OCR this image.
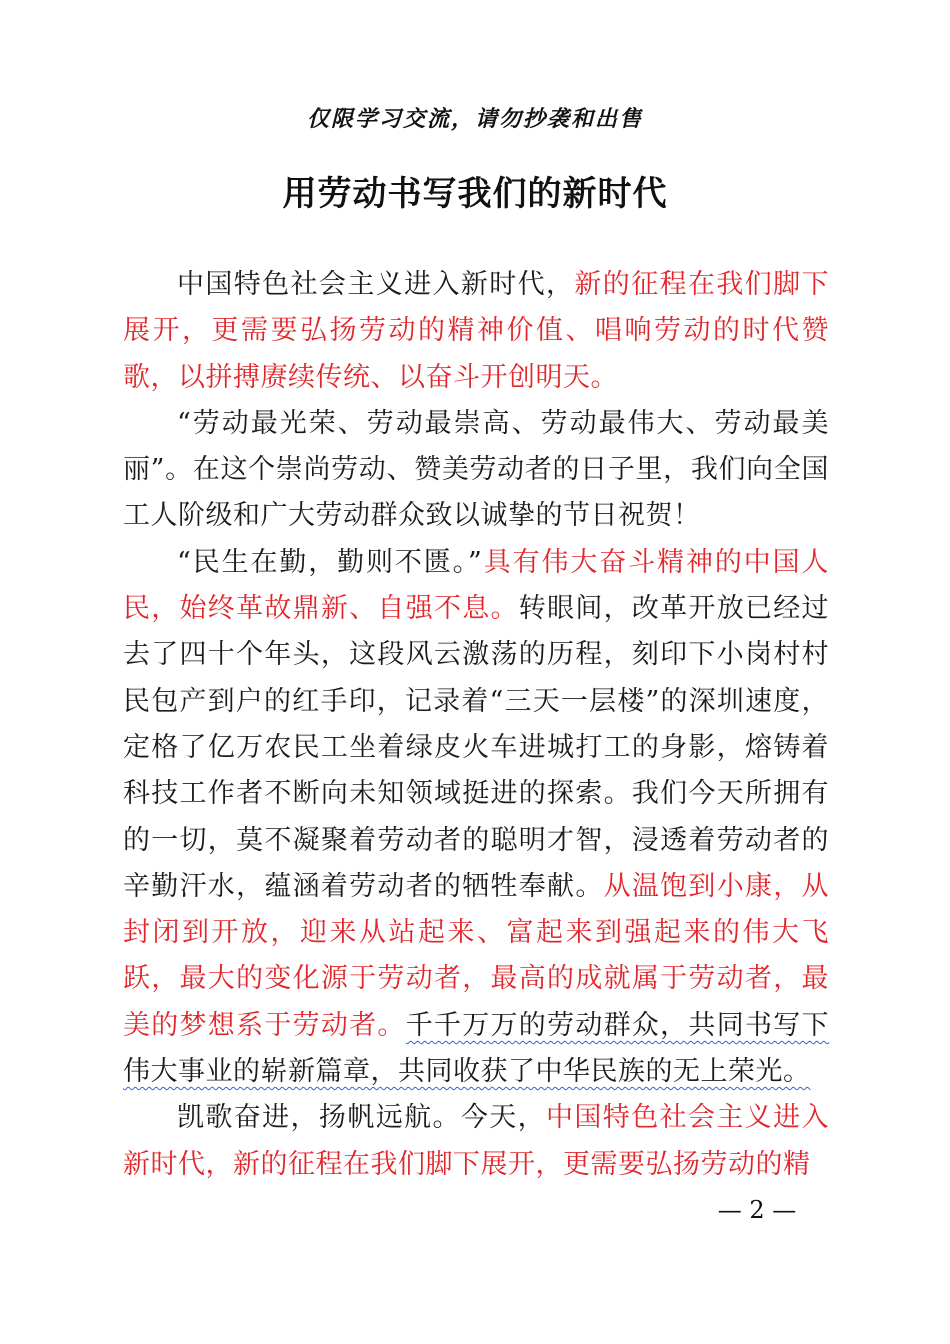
仅限学习交流，请勿抄袭和出售
用劳动书写我们的新时代

中国特色社会主义进入新时代，新的征程在我们脚下展开，更需要弘扬劳动的精神价值、唱响劳动的时代赞歌，以拼搏赓续传统、以奋斗开创明天。

“劳动最光荣、劳动最崇高、劳动最伟大、劳动最美丽”。在这个崇尚劳动、赞美劳动者的日子里，我们向全国工人阶级和广大劳动群众致以诚挚的节日祝贺！

“民生在勤，勤则不匮。”具有伟大奋斗精神的中国人民，始终革故鼎新、自强不息。转眼间，改革开放已经过去了四十个年头，这段风云激荡的历程，刻印下小岗村村民包产到户的红手印，记录着“三天一层楼”的深圳速度，定格了亿万农民工坐着绿皮火车进城打工的身影，熔铸着科技工作者不断向未知领域挺进的探索。我们今天所拥有的一切，莫不凝聚着劳动者的聪明才智，浸透着劳动者的辛勤汗水，蕴涵着劳动者的牺牲奉献。从温饱到小康，从封闭到开放，迎来从站起来、富起来到强起来的伟大飞跃，最大的变化源于劳动者，最高的成就属于劳动者，最美的梦想系于劳动者。千千万万的劳动群众，共同书写下伟大事业的崭新篇章，共同收获了中华民族的无上荣光。

凯歌奋进，扬帆远航。今天，中国特色社会主义进入新时代，新的征程在我们脚下展开，更需要弘扬劳动的精

— 2 —
